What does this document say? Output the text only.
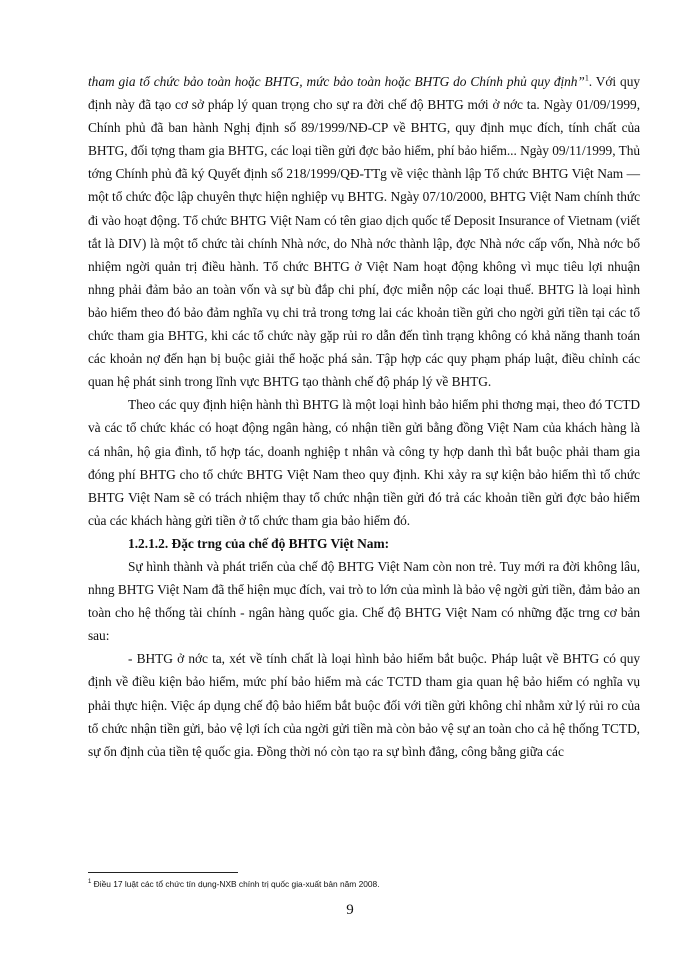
tham gia tổ chức bảo toàn hoặc BHTG, mức bảo toàn hoặc BHTG do Chính phủ quy định”$^1$. Với quy định này đã tạo cơ sở pháp lý quan trọng cho sự ra đời chế độ BHTG mới ở nớc ta. Ngày 01/09/1999, Chính phủ đã ban hành Nghị định số 89/1999/NĐ-CP về BHTG, quy định mục đích, tính chất của BHTG, đối tợng tham gia BHTG, các loại tiền gửi đợc bảo hiểm, phí bảo hiểm... Ngày 09/11/1999, Thủ tớng Chính phủ đã ký Quyết định số 218/1999/QĐ-TTg về việc thành lập Tổ chức BHTG Việt Nam — một tổ chức độc lập chuyên thực hiện nghiệp vụ BHTG. Ngày 07/10/2000, BHTG Việt Nam chính thức đi vào hoạt động. Tổ chức BHTG Việt Nam có tên giao dịch quốc tế Deposit Insurance of Vietnam (viết tắt là DIV) là một tổ chức tài chính Nhà nớc, do Nhà nớc thành lập, đợc Nhà nớc cấp vốn, Nhà nớc bổ nhiệm ngời quản trị điều hành. Tổ chức BHTG ở Việt Nam hoạt động không vì mục tiêu lợi nhuận nhng phải đảm bảo an toàn vốn và sự bù đắp chi phí, đợc miễn nộp các loại thuế. BHTG là loại hình bảo hiểm theo đó bảo đảm nghĩa vụ chi trả trong tơng lai các khoản tiền gửi cho ngời gửi tiền tại các tổ chức tham gia BHTG, khi các tổ chức này gặp rủi ro dẫn đến tình trạng không có khả năng thanh toán các khoản nợ đến hạn bị buộc giải thể hoặc phá sản. Tập hợp các quy phạm pháp luật, điều chỉnh các quan hệ phát sinh trong lĩnh vực BHTG tạo thành chế độ pháp lý về BHTG.

Theo các quy định hiện hành thì BHTG là một loại hình bảo hiểm phi thơng mại, theo đó TCTD và các tổ chức khác có hoạt động ngân hàng, có nhận tiền gửi bằng đồng Việt Nam của khách hàng là cá nhân, hộ gia đình, tổ hợp tác, doanh nghiệp t nhân và công ty hợp danh thì bắt buộc phải tham gia đóng phí BHTG cho tổ chức BHTG Việt Nam theo quy định. Khi xảy ra sự kiện bảo hiểm thì tổ chức BHTG Việt Nam sẽ có trách nhiệm thay tổ chức nhận tiền gửi đó trả các khoản tiền gửi đợc bảo hiểm của các khách hàng gửi tiền ở tổ chức tham gia bảo hiểm đó.

1.2.1.2. Đặc trng của chế độ BHTG Việt Nam:

Sự hình thành và phát triển của chế độ BHTG Việt Nam còn non trẻ. Tuy mới ra đời không lâu, nhng BHTG Việt Nam đã thể hiện mục đích, vai trò to lớn của mình là bảo vệ ngời gửi tiền, đảm bảo an toàn cho hệ thống tài chính - ngân hàng quốc gia. Chế độ BHTG Việt Nam có những đặc trng cơ bản sau:

- BHTG ở nớc ta, xét về tính chất là loại hình bảo hiểm bắt buộc. Pháp luật về BHTG có quy định về điều kiện bảo hiểm, mức phí bảo hiểm mà các TCTD tham gia quan hệ bảo hiểm có nghĩa vụ phải thực hiện. Việc áp dụng chế độ bảo hiểm bắt buộc đối với tiền gửi không chỉ nhằm xử lý rủi ro của tổ chức nhận tiền gửi, bảo vệ lợi ích của ngời gửi tiền mà còn bảo vệ sự an toàn cho cả hệ thống TCTD, sự ổn định của tiền tệ quốc gia. Đồng thời nó còn tạo ra sự bình đẳng, công bằng giữa các

$^1$ Điều 17 luật các tổ chức tín dụng-NXB chính trị quốc gia-xuất bản năm 2008.
9
